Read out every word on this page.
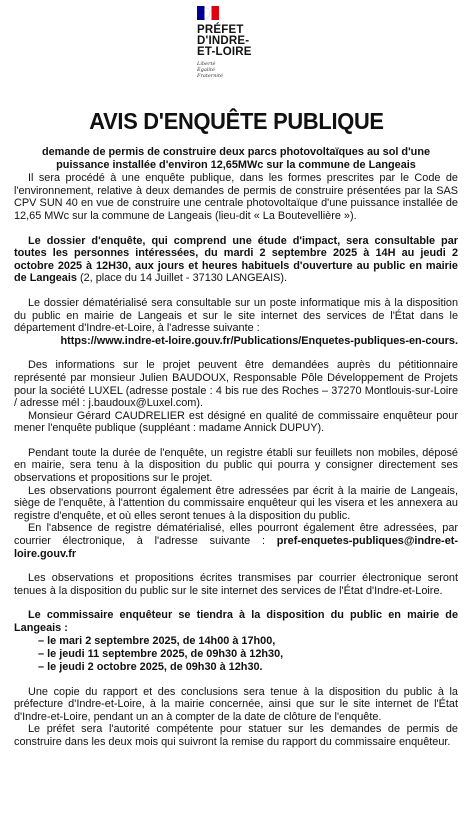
PRÉFET
D'INDRE-
ET-LOIRE
Liberté
Égalité
Fraternité
AVIS D'ENQUÊTE PUBLIQUE

demande de permis de construire deux parcs photovoltaïques au sol d'une puissance installée d'environ 12,65MWc sur la commune de Langeais

Il sera procédé à une enquête publique, dans les formes prescrites par le Code de l'environnement, relative à deux demandes de permis de construire présentées par la SAS CPV SUN 40 en vue de construire une centrale photovoltaïque d'une puissance installée de 12,65 MWc sur la commune de Langeais (lieu-dit « La Boutevellière »).

Le dossier d'enquête, qui comprend une étude d'impact, sera consultable par toutes les personnes intéressées, du mardi 2 septembre 2025 à 14H au jeudi 2 octobre 2025 à 12H30, aux jours et heures habituels d'ouverture au public en mairie de Langeais (2, place du 14 Juillet - 37130 LANGEAIS).

Le dossier dématérialisé sera consultable sur un poste informatique mis à la disposition du public en mairie de Langeais et sur le site internet des services de l'État dans le département d'Indre-et-Loire, à l'adresse suivante :

https://www.indre-et-loire.gouv.fr/Publications/Enquetes-publiques-en-cours.

Des informations sur le projet peuvent être demandées auprès du pétitionnaire représenté par monsieur Julien BAUDOUX, Responsable Pôle Développement de Projets pour la société LUXEL (adresse postale : 4 bis rue des Roches – 37270 Montlouis-sur-Loire / adresse mél : j.baudoux@Luxel.com).

Monsieur Gérard CAUDRELIER est désigné en qualité de commissaire enquêteur pour mener l'enquête publique (suppléant : madame Annick DUPUY).

Pendant toute la durée de l'enquête, un registre établi sur feuillets non mobiles, déposé en mairie, sera tenu à la disposition du public qui pourra y consigner directement ses observations et propositions sur le projet.

Les observations pourront également être adressées par écrit à la mairie de Langeais, siège de l'enquête, à l'attention du commissaire enquêteur qui les visera et les annexera au registre d'enquête, et où elles seront tenues à la disposition du public.

En l'absence de registre dématérialisé, elles pourront également être adressées, par courrier électronique, à l'adresse suivante : pref-enquetes-publiques@indre-et-loire.gouv.fr

Les observations et propositions écrites transmises par courrier électronique seront tenues à la disposition du public sur le site internet des services de l'État d'Indre-et-Loire.

Le commissaire enquêteur se tiendra à la disposition du public en mairie de Langeais :

– le mari 2 septembre 2025, de 14h00 à 17h00,
– le jeudi 11 septembre 2025, de 09h30 à 12h30,
– le jeudi 2 octobre 2025, de 09h30 à 12h30.

Une copie du rapport et des conclusions sera tenue à la disposition du public à la préfecture d'Indre-et-Loire, à la mairie concernée, ainsi que sur le site internet de l'État d'Indre-et-Loire, pendant un an à compter de la date de clôture de l'enquête.

Le préfet sera l'autorité compétente pour statuer sur les demandes de permis de construire dans les deux mois qui suivront la remise du rapport du commissaire enquêteur.
